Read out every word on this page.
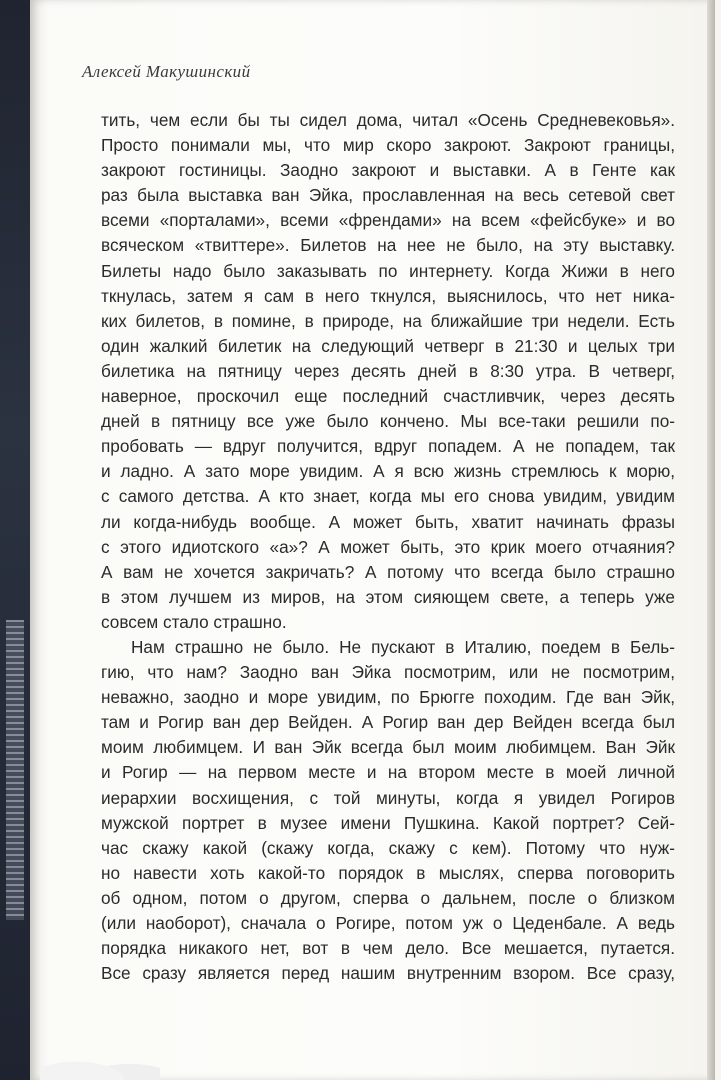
Алексей Макушинский

тить, чем если бы ты сидел дома, читал «Осень Средневековья».
Просто понимали мы, что мир скоро закроют. Закроют границы,
закроют гостиницы. Заодно закроют и выставки. А в Генте как
раз была выставка ван Эйка, прославленная на весь сетевой свет
всеми «порталами», всеми «френдами» на всем «фейсбуке» и во
всяческом «твиттере». Билетов на нее не было, на эту выставку.
Билеты надо было заказывать по интернету. Когда Жижи в него
ткнулась, затем я сам в него ткнулся, выяснилось, что нет ника-
ких билетов, в помине, в природе, на ближайшие три недели. Есть
один жалкий билетик на следующий четверг в 21:30 и целых три
билетика на пятницу через десять дней в 8:30 утра. В четверг,
наверное, проскочил еще последний счастливчик, через десять
дней в пятницу все уже было кончено. Мы все-таки решили по-
пробовать — вдруг получится, вдруг попадем. А не попадем, так
и ладно. А зато море увидим. А я всю жизнь стремлюсь к морю,
с самого детства. А кто знает, когда мы его снова увидим, увидим
ли когда-нибудь вообще. А может быть, хватит начинать фразы
с этого идиотского «а»? А может быть, это крик моего отчаяния?
А вам не хочется закричать? А потому что всегда было страшно
в этом лучшем из миров, на этом сияющем свете, а теперь уже
совсем стало страшно.

Нам страшно не было. Не пускают в Италию, поедем в Бель-
гию, что нам? Заодно ван Эйка посмотрим, или не посмотрим,
неважно, заодно и море увидим, по Брюгге походим. Где ван Эйк,
там и Рогир ван дер Вейден. А Рогир ван дер Вейден всегда был
моим любимцем. И ван Эйк всегда был моим любимцем. Ван Эйк
и Рогир — на первом месте и на втором месте в моей личной
иерархии восхищения, с той минуты, когда я увидел Рогиров
мужской портрет в музее имени Пушкина. Какой портрет? Сей-
час скажу какой (скажу когда, скажу с кем). Потому что нуж-
но навести хоть какой-то порядок в мыслях, сперва поговорить
об одном, потом о другом, сперва о дальнем, после о близком
(или наоборот), сначала о Рогире, потом уж о Цеденбале. А ведь
порядка никакого нет, вот в чем дело. Все мешается, путается.
Все сразу является перед нашим внутренним взором. Все сразу,
